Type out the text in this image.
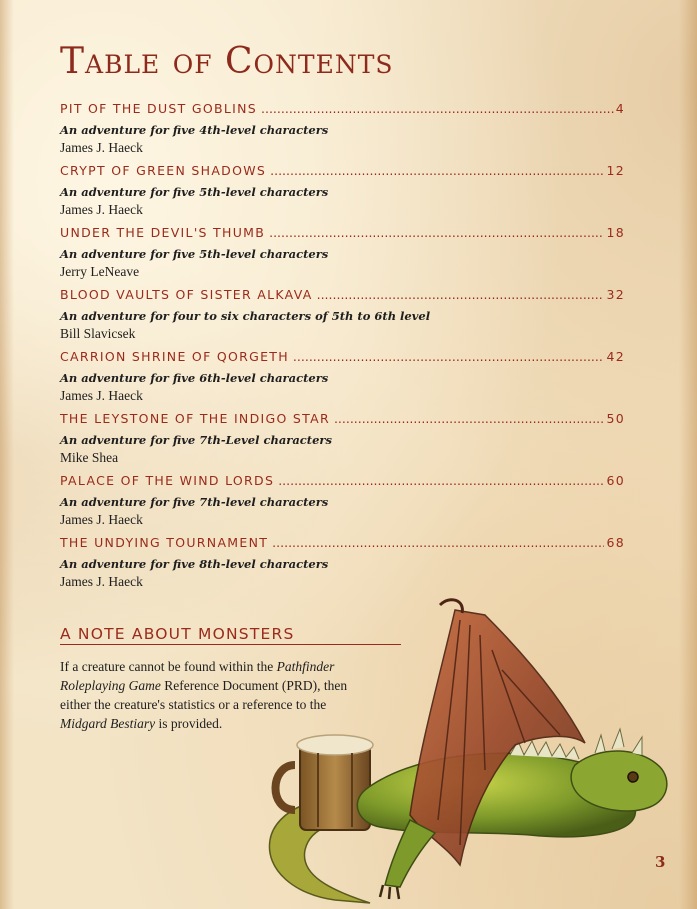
Table of Contents
PIT OF THE DUST GOBLINS .....	4
An adventure for five 4th-level characters
James J. Haeck
CRYPT OF GREEN SHADOWS .....	12
An adventure for five 5th-level characters
James J. Haeck
UNDER THE DEVIL'S THUMB .....	18
An adventure for five 5th-level characters
Jerry LeNeave
BLOOD VAULTS OF SISTER ALKAVA .....	32
An adventure for four to six characters of 5th to 6th level
Bill Slavicsek
CARRION SHRINE OF QORGETH .....	42
An adventure for five 6th-level characters
James J. Haeck
THE LEYSTONE OF THE INDIGO STAR .....	50
An adventure for five 7th-Level characters
Mike Shea
PALACE OF THE WIND LORDS .....	60
An adventure for five 7th-level characters
James J. Haeck
THE UNDYING TOURNAMENT .....	68
An adventure for five 8th-level characters
James J. Haeck
A NOTE ABOUT MONSTERS
If a creature cannot be found within the Pathfinder Roleplaying Game Reference Document (PRD), then either the creature's statistics or a reference to the Midgard Bestiary is provided.
3
